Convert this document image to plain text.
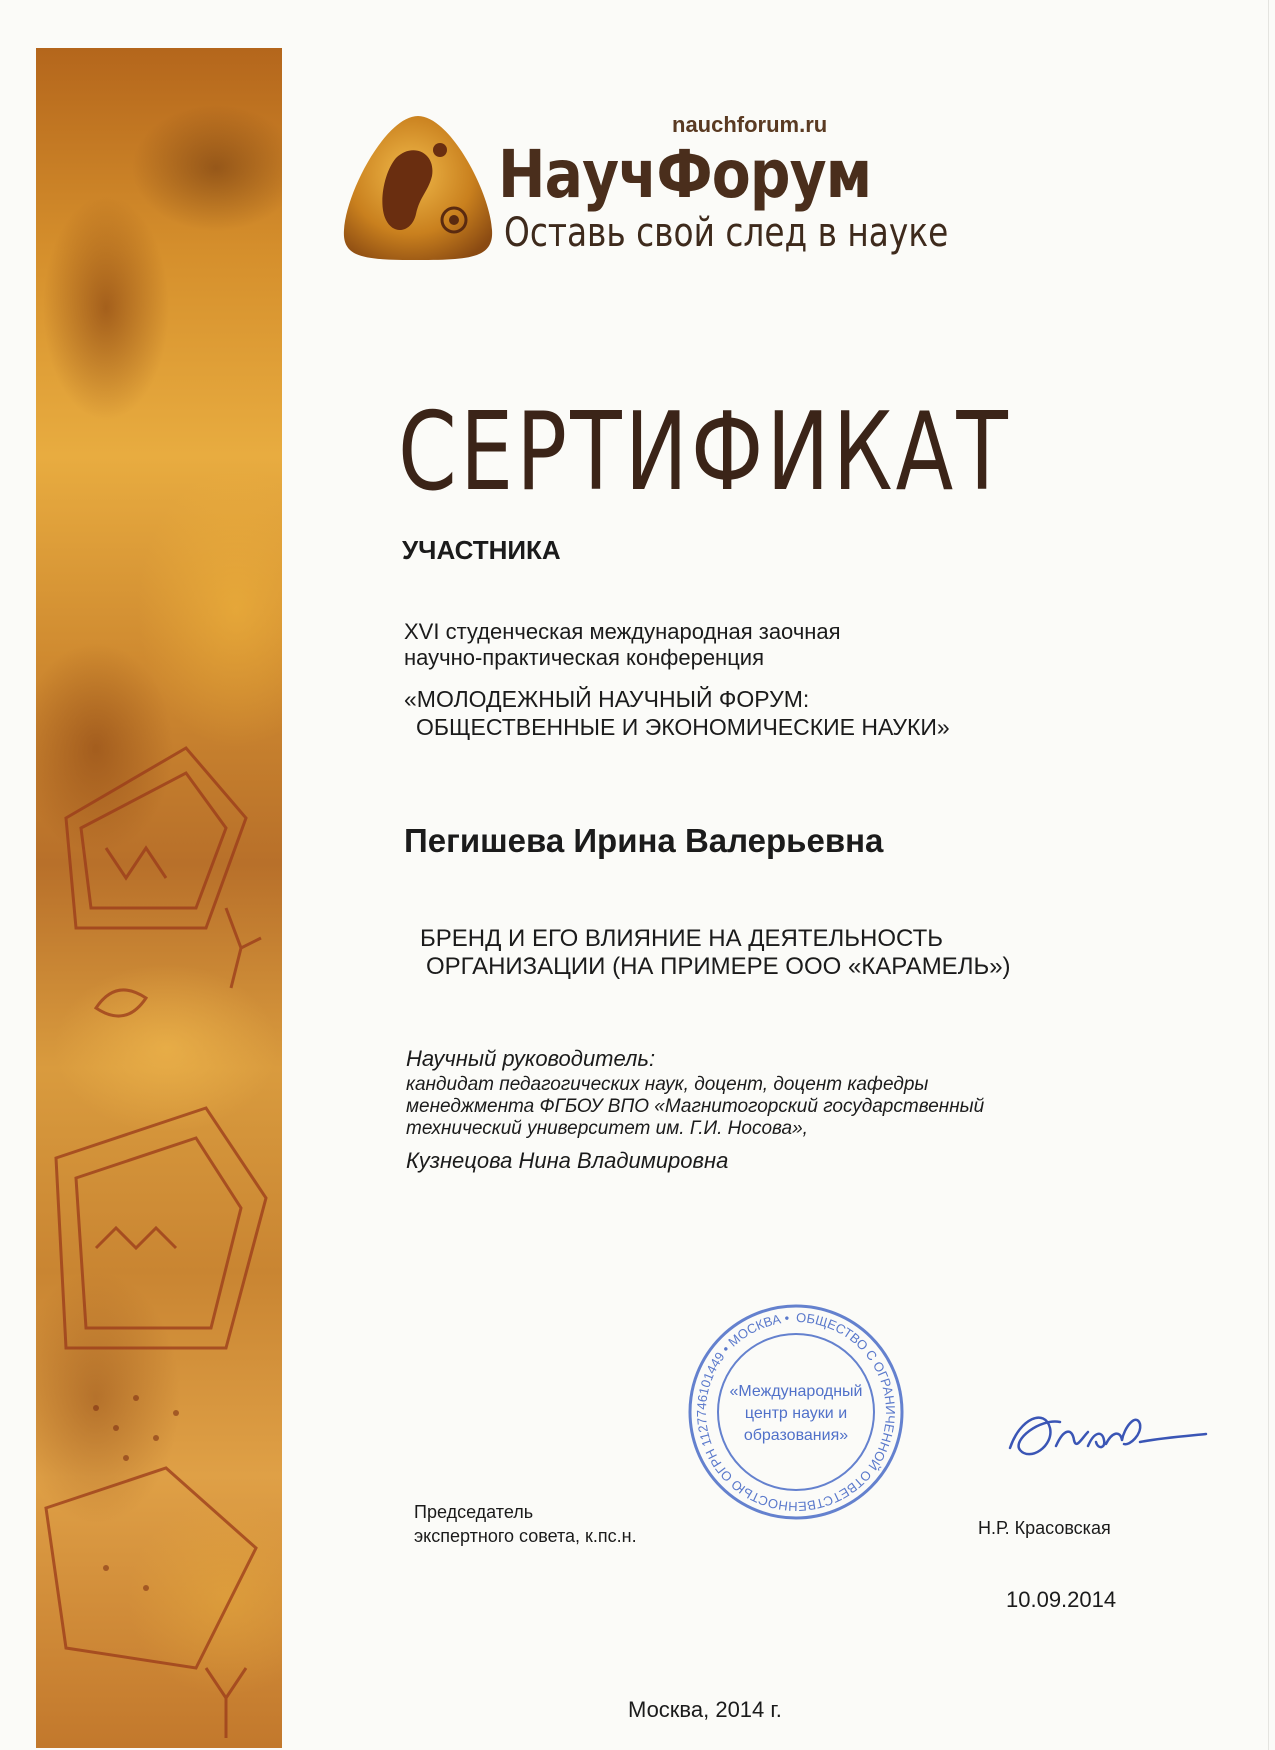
nauchforum.ru
НаучФорум
Оставь свой след в науке
СЕРТИФИКАТ

УЧАСТНИКА

XVI студенческая международная заочная
научно-практическая конференция

«МОЛОДЕЖНЫЙ НАУЧНЫЙ ФОРУМ:
ОБЩЕСТВЕННЫЕ И ЭКОНОМИЧЕСКИЕ НАУКИ»

Пегишева Ирина Валерьевна

БРЕНД И ЕГО ВЛИЯНИЕ НА ДЕЯТЕЛЬНОСТЬ
ОРГАНИЗАЦИИ (НА ПРИМЕРЕ ООО «КАРАМЕЛЬ»)

Научный руководитель:

кандидат педагогических наук, доцент, доцент кафедры
менеджмента ФГБОУ ВПО «Магнитогорский государственный
технический университет им. Г.И. Носова»,

Кузнецова Нина Владимировна

ОБЩЕСТВО С ОГРАНИЧЕННОЙ ОТВЕТСТВЕННОСТЬЮ ОГРН 1127746101449 • МОСКВА •
«Международный
центр науки и
образования»

Председатель
экспертного совета, к.пс.н.	Н.Р. Красовская

10.09.2014

Москва, 2014 г.
